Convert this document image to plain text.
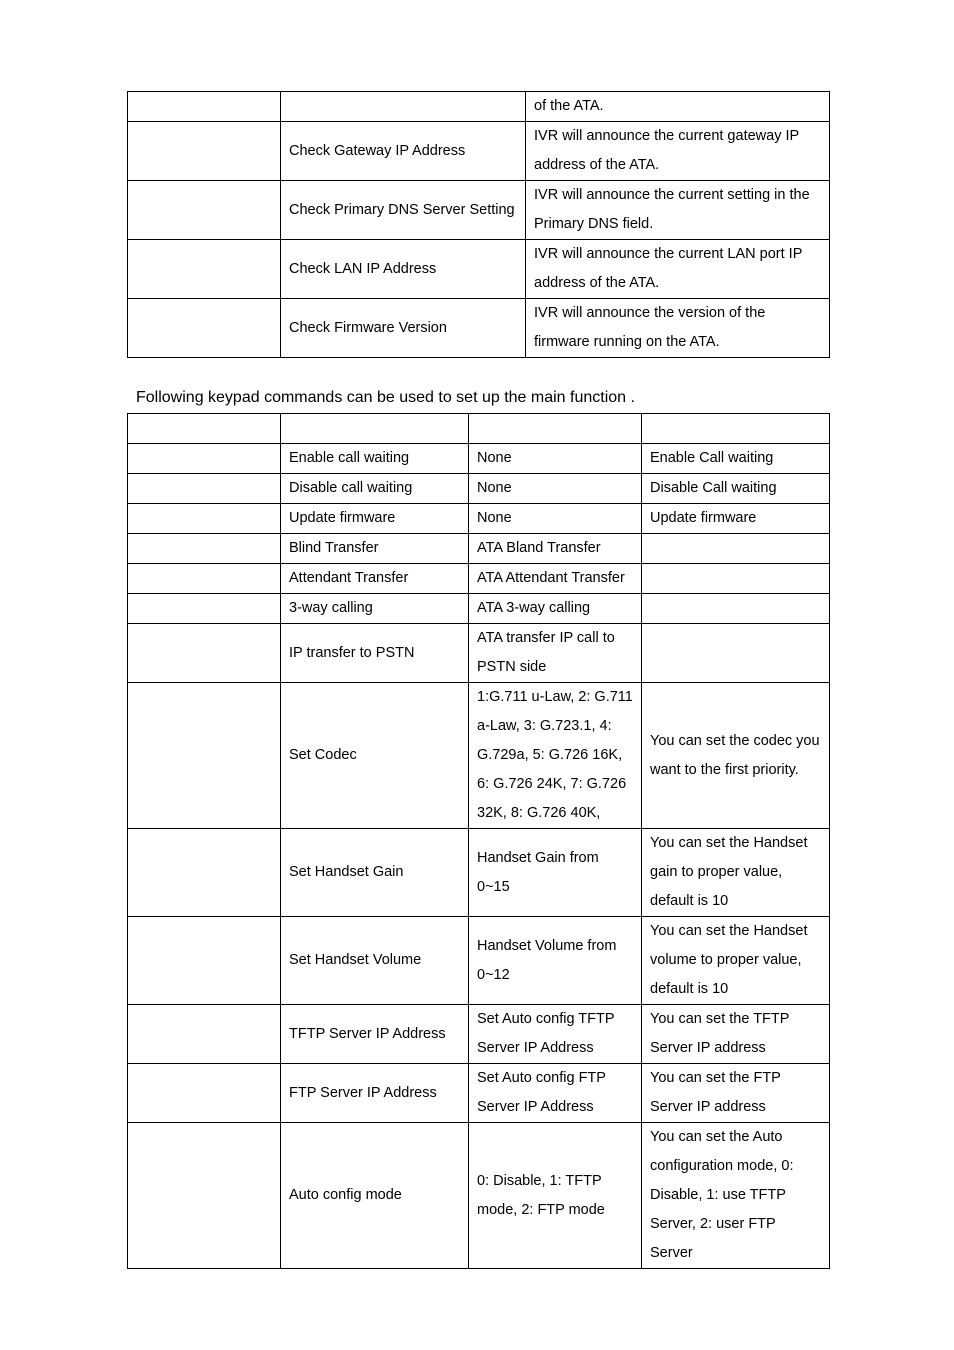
		of the ATA.
	Check Gateway IP Address	IVR will announce the current gateway IP address of the ATA.
	Check Primary DNS Server Setting	IVR will announce the current setting in the Primary DNS field.
	Check LAN IP Address	IVR will announce the current LAN port IP address of the ATA.
	Check Firmware Version	IVR will announce the version of the firmware running on the ATA.
Following keypad commands can be used to set up the main function .

	Enable call waiting	None	Enable Call waiting
	Disable call waiting	None	Disable Call waiting
	Update firmware	None	Update firmware
	Blind Transfer	ATA Bland Transfer	
	Attendant Transfer	ATA Attendant Transfer	
	3-way calling	ATA 3-way calling	
	IP transfer to PSTN	ATA transfer IP call to PSTN side	
	Set Codec	1:G.711 u-Law, 2: G.711 a-Law, 3: G.723.1, 4: G.729a, 5: G.726 16K, 6: G.726 24K, 7: G.726 32K, 8: G.726 40K,	You can set the codec you want to the first priority.
	Set Handset Gain	Handset Gain from 0~15	You can set the Handset gain to proper value, default is 10
	Set Handset Volume	Handset Volume from 0~12	You can set the Handset volume to proper value, default is 10
	TFTP Server IP Address	Set Auto config TFTP Server IP Address	You can set the TFTP Server IP address
	FTP Server IP Address	Set Auto config FTP Server IP Address	You can set the FTP Server IP address
	Auto config mode	0: Disable, 1: TFTP mode, 2: FTP mode	You can set the Auto configuration mode, 0: Disable, 1: use TFTP Server, 2: user FTP Server
